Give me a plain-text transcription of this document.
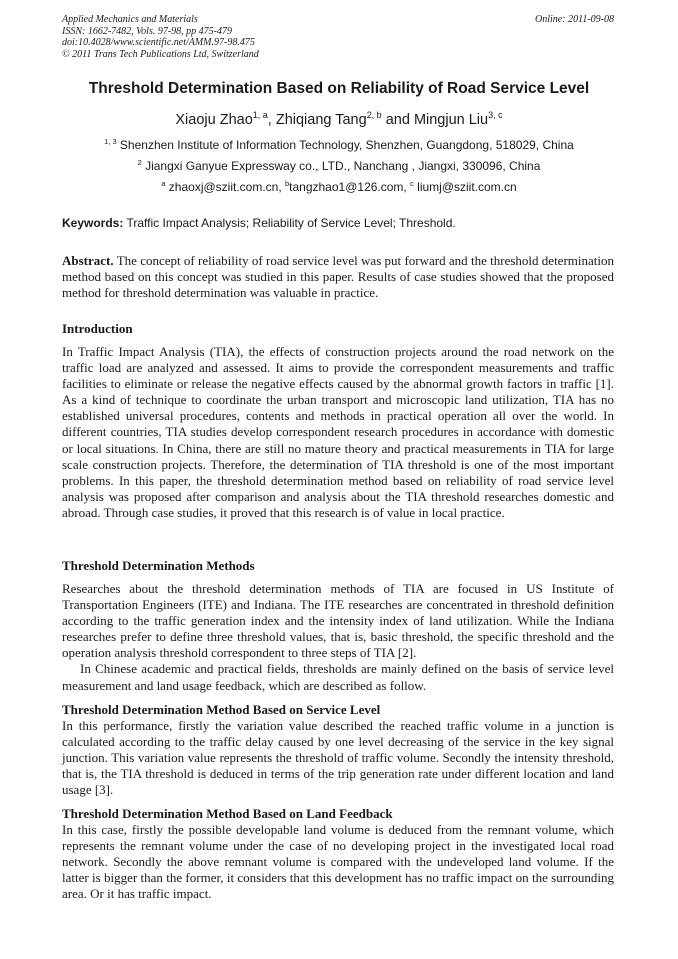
Applied Mechanics and Materials
ISSN: 1662-7482, Vols. 97-98, pp 475-479
doi:10.4028/www.scientific.net/AMM.97-98.475
© 2011 Trans Tech Publications Ltd, Switzerland
Online: 2011-09-08
Threshold Determination Based on Reliability of Road Service Level
Xiaoju Zhao$^{1, a}$, Zhiqiang Tang$^{2, b}$ and Mingjun Liu$^{3, c}$
$^{1, 3}$ Shenzhen Institute of Information Technology, Shenzhen, Guangdong, 518029, China
$^2$ Jiangxi Ganyue Expressway co., LTD., Nanchang , Jiangxi, 330096, China
$^a$ zhaoxj@sziit.com.cn, $^b$tangzhao1@126.com, $^c$ liumj@sziit.com.cn
Keywords: Traffic Impact Analysis; Reliability of Service Level; Threshold.
Abstract. The concept of reliability of road service level was put forward and the threshold determination method based on this concept was studied in this paper. Results of case studies showed that the proposed method for threshold determination was valuable in practice.
Introduction
In Traffic Impact Analysis (TIA), the effects of construction projects around the road network on the traffic load are analyzed and assessed. It aims to provide the correspondent measurements and traffic facilities to eliminate or release the negative effects caused by the abnormal growth factors in traffic [1]. As a kind of technique to coordinate the urban transport and microscopic land utilization, TIA has no established universal procedures, contents and methods in practical operation all over the world. In different countries, TIA studies develop correspondent research procedures in accordance with domestic or local situations. In China, there are still no mature theory and practical measurements in TIA for large scale construction projects. Therefore, the determination of TIA threshold is one of the most important problems. In this paper, the threshold determination method based on reliability of road service level analysis was proposed after comparison and analysis about the TIA threshold researches domestic and abroad. Through case studies, it proved that this research is of value in local practice.
Threshold Determination Methods

Researches about the threshold determination methods of TIA are focused in US Institute of Transportation Engineers (ITE) and Indiana. The ITE researches are concentrated in threshold definition according to the traffic generation index and the intensity index of land utilization. While the Indiana researches prefer to define three threshold values, that is, basic threshold, the specific threshold and the operation analysis threshold correspondent to three steps of TIA [2].

In Chinese academic and practical fields, thresholds are mainly defined on the basis of service level measurement and land usage feedback, which are described as follow.

Threshold Determination Method Based on Service Level
In this performance, firstly the variation value described the reached traffic volume in a junction is calculated according to the traffic delay caused by one level decreasing of the service in the key signal junction. This variation value represents the threshold of traffic volume. Secondly the intensity threshold, that is, the TIA threshold is deduced in terms of the trip generation rate under different location and land usage [3].
Threshold Determination Method Based on Land Feedback
In this case, firstly the possible developable land volume is deduced from the remnant volume, which represents the remnant volume under the case of no developing project in the investigated local road network. Secondly the above remnant volume is compared with the undeveloped land volume. If the latter is bigger than the former, it considers that this development has no traffic impact on the surrounding area. Or it has traffic impact.
